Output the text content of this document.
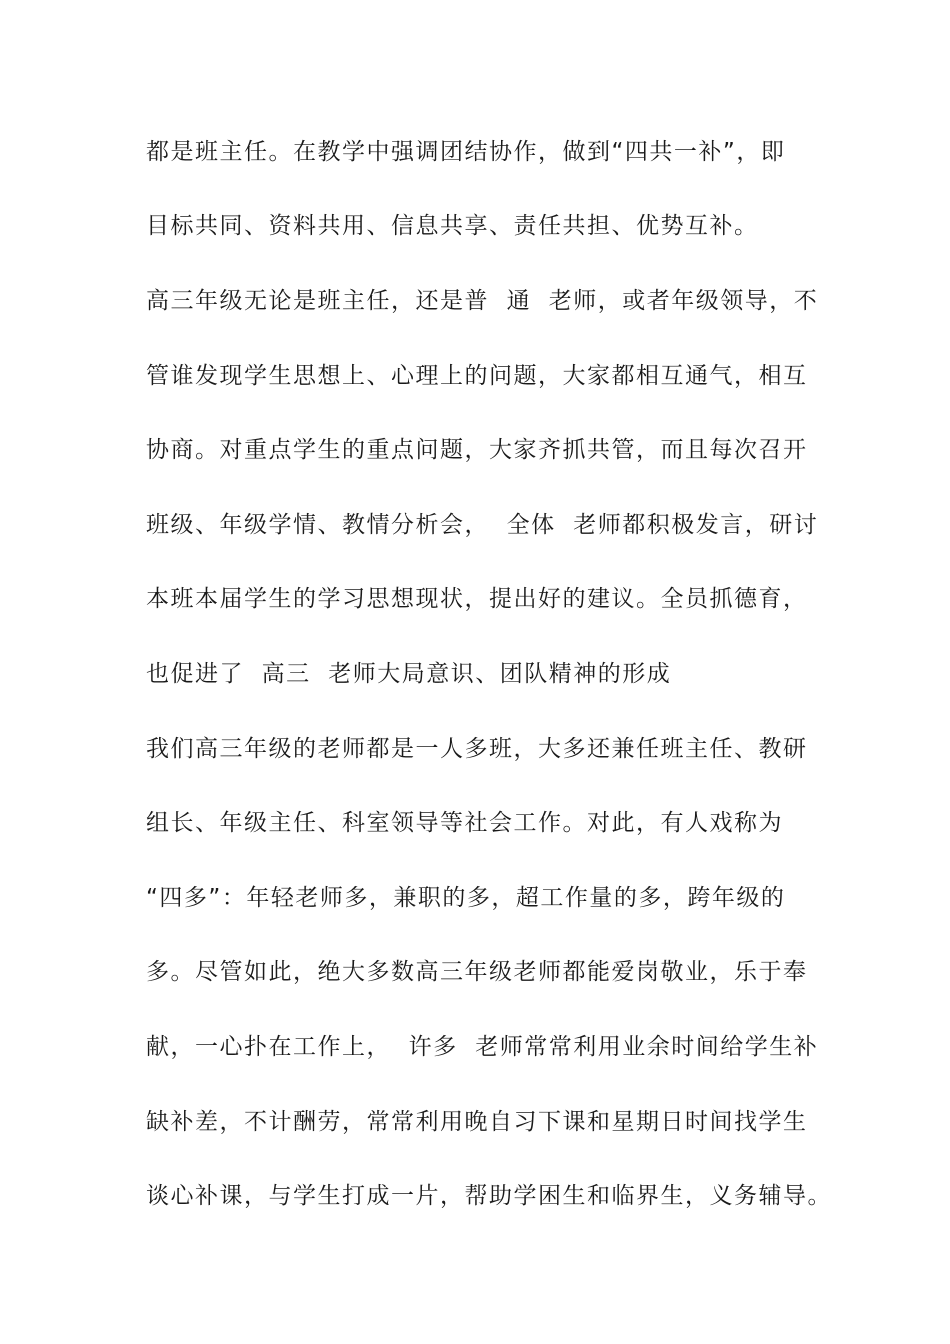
都是班主任。在教学中强调团结协作，做到“四共一补”，即
目标共同、资料共用、信息共享、责任共担、优势互补。
高三年级无论是班主任，还是普  通  老师，或者年级领导，不
管谁发现学生思想上、心理上的问题，大家都相互通气，相互
协商。对重点学生的重点问题，大家齐抓共管，而且每次召开
班级、年级学情、教情分析会，  全体  老师都积极发言，研讨
本班本届学生的学习思想现状，提出好的建议。全员抓德育，
也促进了  高三  老师大局意识、团队精神的形成
我们高三年级的老师都是一人多班，大多还兼任班主任、教研
组长、年级主任、科室领导等社会工作。对此，有人戏称为
“四多”：年轻老师多，兼职的多，超工作量的多，跨年级的
多。尽管如此，绝大多数高三年级老师都能爱岗敬业，乐于奉
献，一心扑在工作上，  许多  老师常常利用业余时间给学生补
缺补差，不计酬劳，常常利用晚自习下课和星期日时间找学生
谈心补课，与学生打成一片，帮助学困生和临界生，义务辅导。
